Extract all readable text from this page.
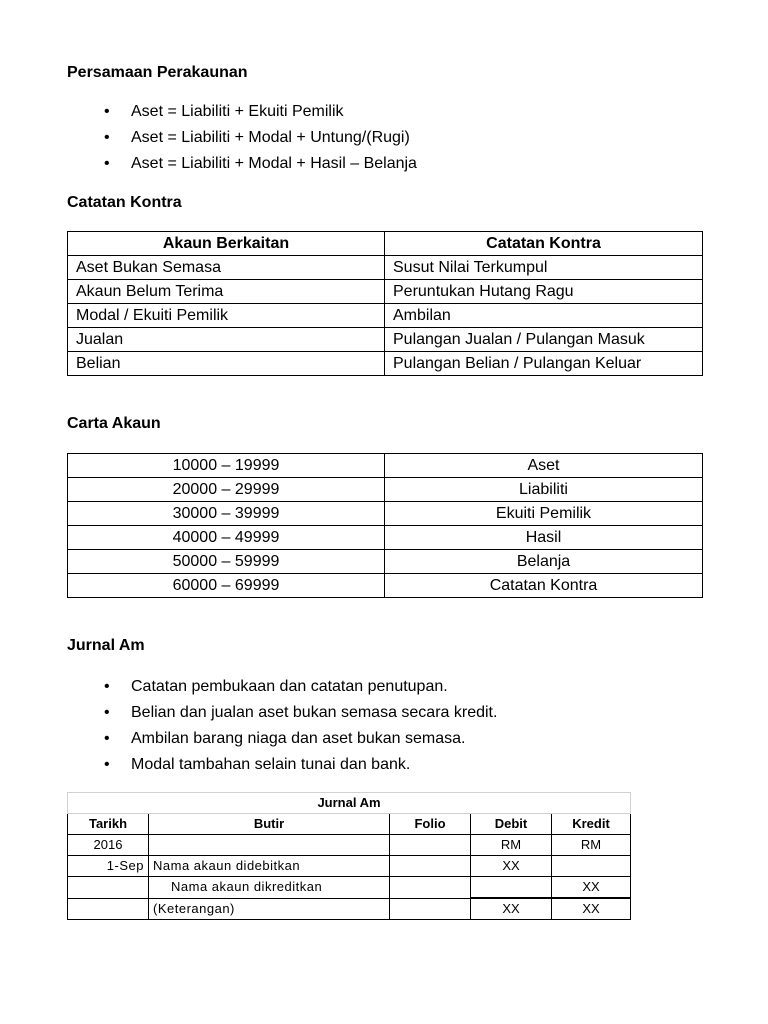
Persamaan Perakaunan
• Aset = Liabiliti + Ekuiti Pemilik
• Aset = Liabiliti + Modal + Untung/(Rugi)
• Aset = Liabiliti + Modal + Hasil – Belanja
Catatan Kontra
Akaun Berkaitan	Catatan Kontra
Aset Bukan Semasa	Susut Nilai Terkumpul
Akaun Belum Terima	Peruntukan Hutang Ragu
Modal / Ekuiti Pemilik	Ambilan
Jualan	Pulangan Jualan / Pulangan Masuk
Belian	Pulangan Belian / Pulangan Keluar
Carta Akaun
10000 – 19999	Aset
20000 – 29999	Liabiliti
30000 – 39999	Ekuiti Pemilik
40000 – 49999	Hasil
50000 – 59999	Belanja
60000 – 69999	Catatan Kontra
Jurnal Am
• Catatan pembukaan dan catatan penutupan.
• Belian dan jualan aset bukan semasa secara kredit.
• Ambilan barang niaga dan aset bukan semasa.
• Modal tambahan selain tunai dan bank.
Jurnal Am				
Tarikh	Butir	Folio	Debit	Kredit
2016			RM	RM
1-Sep	Nama akaun didebitkan		XX	
	Nama akaun dikreditkan			XX
	(Keterangan)		XX	XX
